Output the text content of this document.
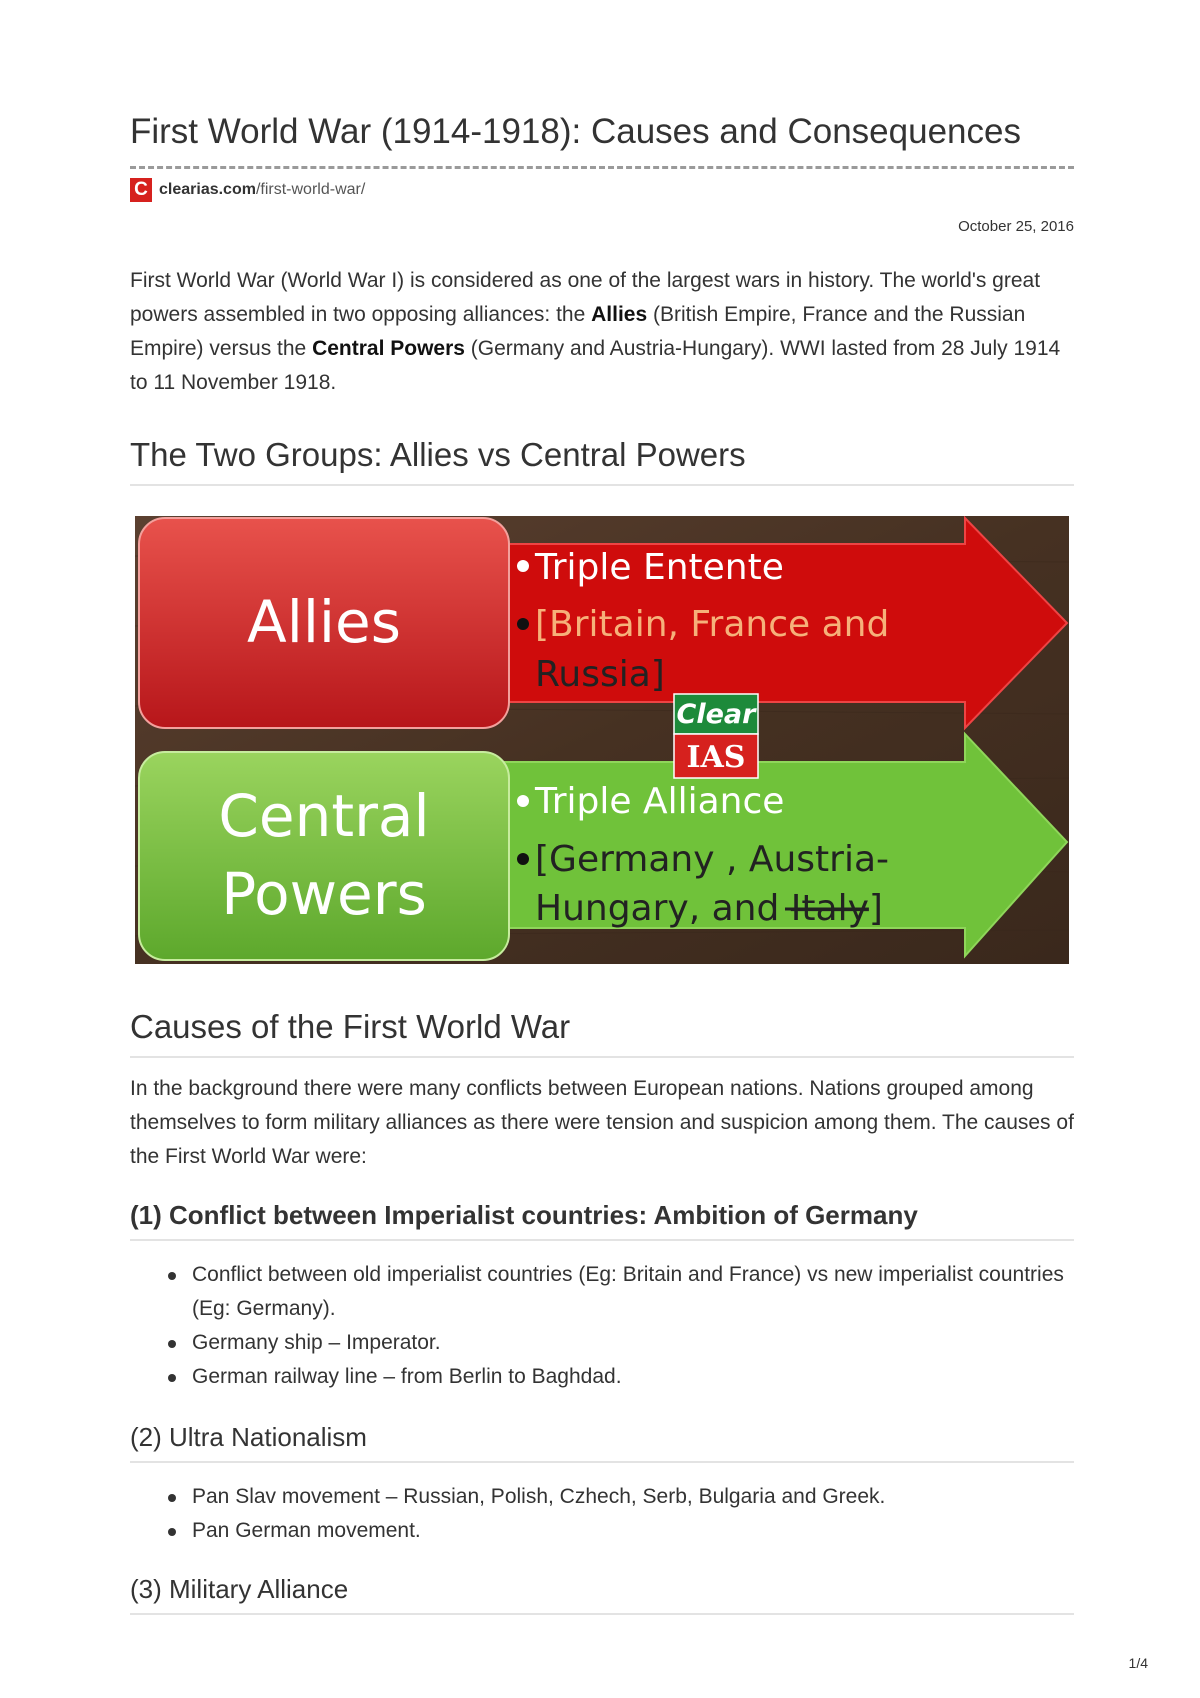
First World War (1914-1918): Causes and Consequences
C clearias.com /first-world-war/
October 25, 2016

First World War (World War I) is considered as one of the largest wars in history. The world's great powers assembled in two opposing alliances: the Allies (British Empire, France and the Russian Empire) versus the Central Powers (Germany and Austria-Hungary). WWI lasted from 28 July 1914 to 11 November 1918.

The Two Groups: Allies vs Central Powers
Allies
Triple Entente
[Britain, France and
Russia]
Central
Powers
Triple Alliance
[Germany , Austria-
Hungary, and Italy]
Clear
IAS
Causes of the First World War

In the background there were many conflicts between European nations. Nations grouped among themselves to form military alliances as there were tension and suspicion among them. The causes of the First World War were:

(1) Conflict between Imperialist countries: Ambition of Germany
Conflict between old imperialist countries (Eg: Britain and France) vs new imperialist countries (Eg: Germany).
Germany ship – Imperator.
German railway line – from Berlin to Baghdad.
(2) Ultra Nationalism
Pan Slav movement – Russian, Polish, Czhech, Serb, Bulgaria and Greek.
Pan German movement.
(3) Military Alliance
1/4
